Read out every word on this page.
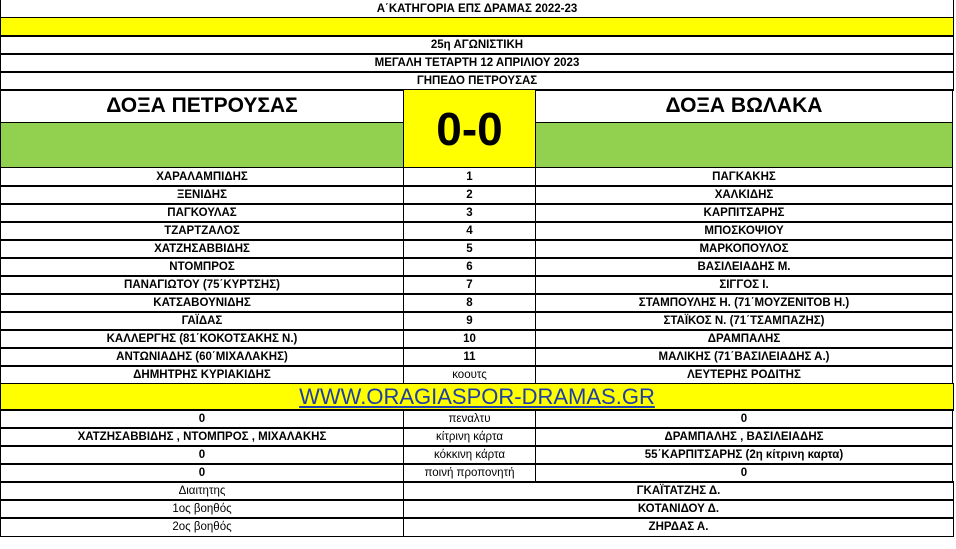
Α΄ΚΑΤΗΓΟΡΙΑ ΕΠΣ ΔΡΑΜΑΣ 2022-23
25η ΑΓΩΝΙΣΤΙΚΗ
ΜΕΓΑΛΗ ΤΕΤΑΡΤΗ 12 ΑΠΡΙΛΙΟΥ 2023
ΓΗΠΕΔΟ ΠΕΤΡΟΥΣΑΣ
ΔΟΞΑ ΠΕΤΡΟΥΣΑΣ	0-0	ΔΟΞΑ ΒΩΛΑΚΑ
ΧΑΡΑΛΑΜΠΙΔΗΣ	1	ΠΑΓΚΑΚΗΣ
ΞΕΝΙΔΗΣ	2	ΧΑΛΚΙΔΗΣ
ΠΑΓΚΟΥΛΑΣ	3	ΚΑΡΠΙΤΣΑΡΗΣ
ΤΖΑΡΤΖΑΛΟΣ	4	ΜΠΟΣΚΟΨΙΟΥ
ΧΑΤΖΗΣΑΒΒΙΔΗΣ	5	ΜΑΡΚΟΠΟΥΛΟΣ
ΝΤΟΜΠΡΟΣ	6	ΒΑΣΙΛΕΙΑΔΗΣ Μ.
ΠΑΝΑΓΙΩΤΟΥ (75΄ΚΥΡΤΣΗΣ)	7	ΣΙΓΓΟΣ Ι.
ΚΑΤΣΑΒΟΥΝΙΔΗΣ	8	ΣΤΑΜΠΟΥΛΗΣ Η. (71΄ΜΟΥΖΕΝΙΤΟΒ Η.)
ΓΑΪΔΑΣ	9	ΣΤΑΪΚΟΣ Ν. (71΄ΤΣΑΜΠΑΖΗΣ)
ΚΑΛΛΕΡΓΗΣ (81΄ΚΟΚΟΤΣΑΚΗΣ Ν.)	10	ΔΡΑΜΠΑΛΗΣ
ΑΝΤΩΝΙΑΔΗΣ (60΄ΜΙΧΑΛΑΚΗΣ)	11	ΜΑΛΙΚΗΣ (71΄ΒΑΣΙΛΕΙΑΔΗΣ Α.)
ΔΗΜΗΤΡΗΣ ΚΥΡΙΑΚΙΔΗΣ	κοουτς	ΛΕΥΤΕΡΗΣ ΡΟΔΙΤΗΣ
WWW.ORAGIASPOR-DRAMAS.GR
0	πεναλτυ	0
ΧΑΤΖΗΣΑΒΒΙΔΗΣ , ΝΤΟΜΠΡΟΣ , ΜΙΧΑΛΑΚΗΣ	κίτρινη κάρτα	ΔΡΑΜΠΑΛΗΣ , ΒΑΣΙΛΕΙΑΔΗΣ
0	κόκκινη κάρτα	55΄ΚΑΡΠΙΤΣΑΡΗΣ (2η κίτρινη καρτα)
0	ποινή προπονητή	0
Διαιτητης	ΓΚΑΪΤΑΤΖΗΣ Δ.
1ος βοηθός	ΚΟΤΑΝΙΔΟΥ Δ.
2ος βοηθός	ΖΗΡΔΑΣ Α.
